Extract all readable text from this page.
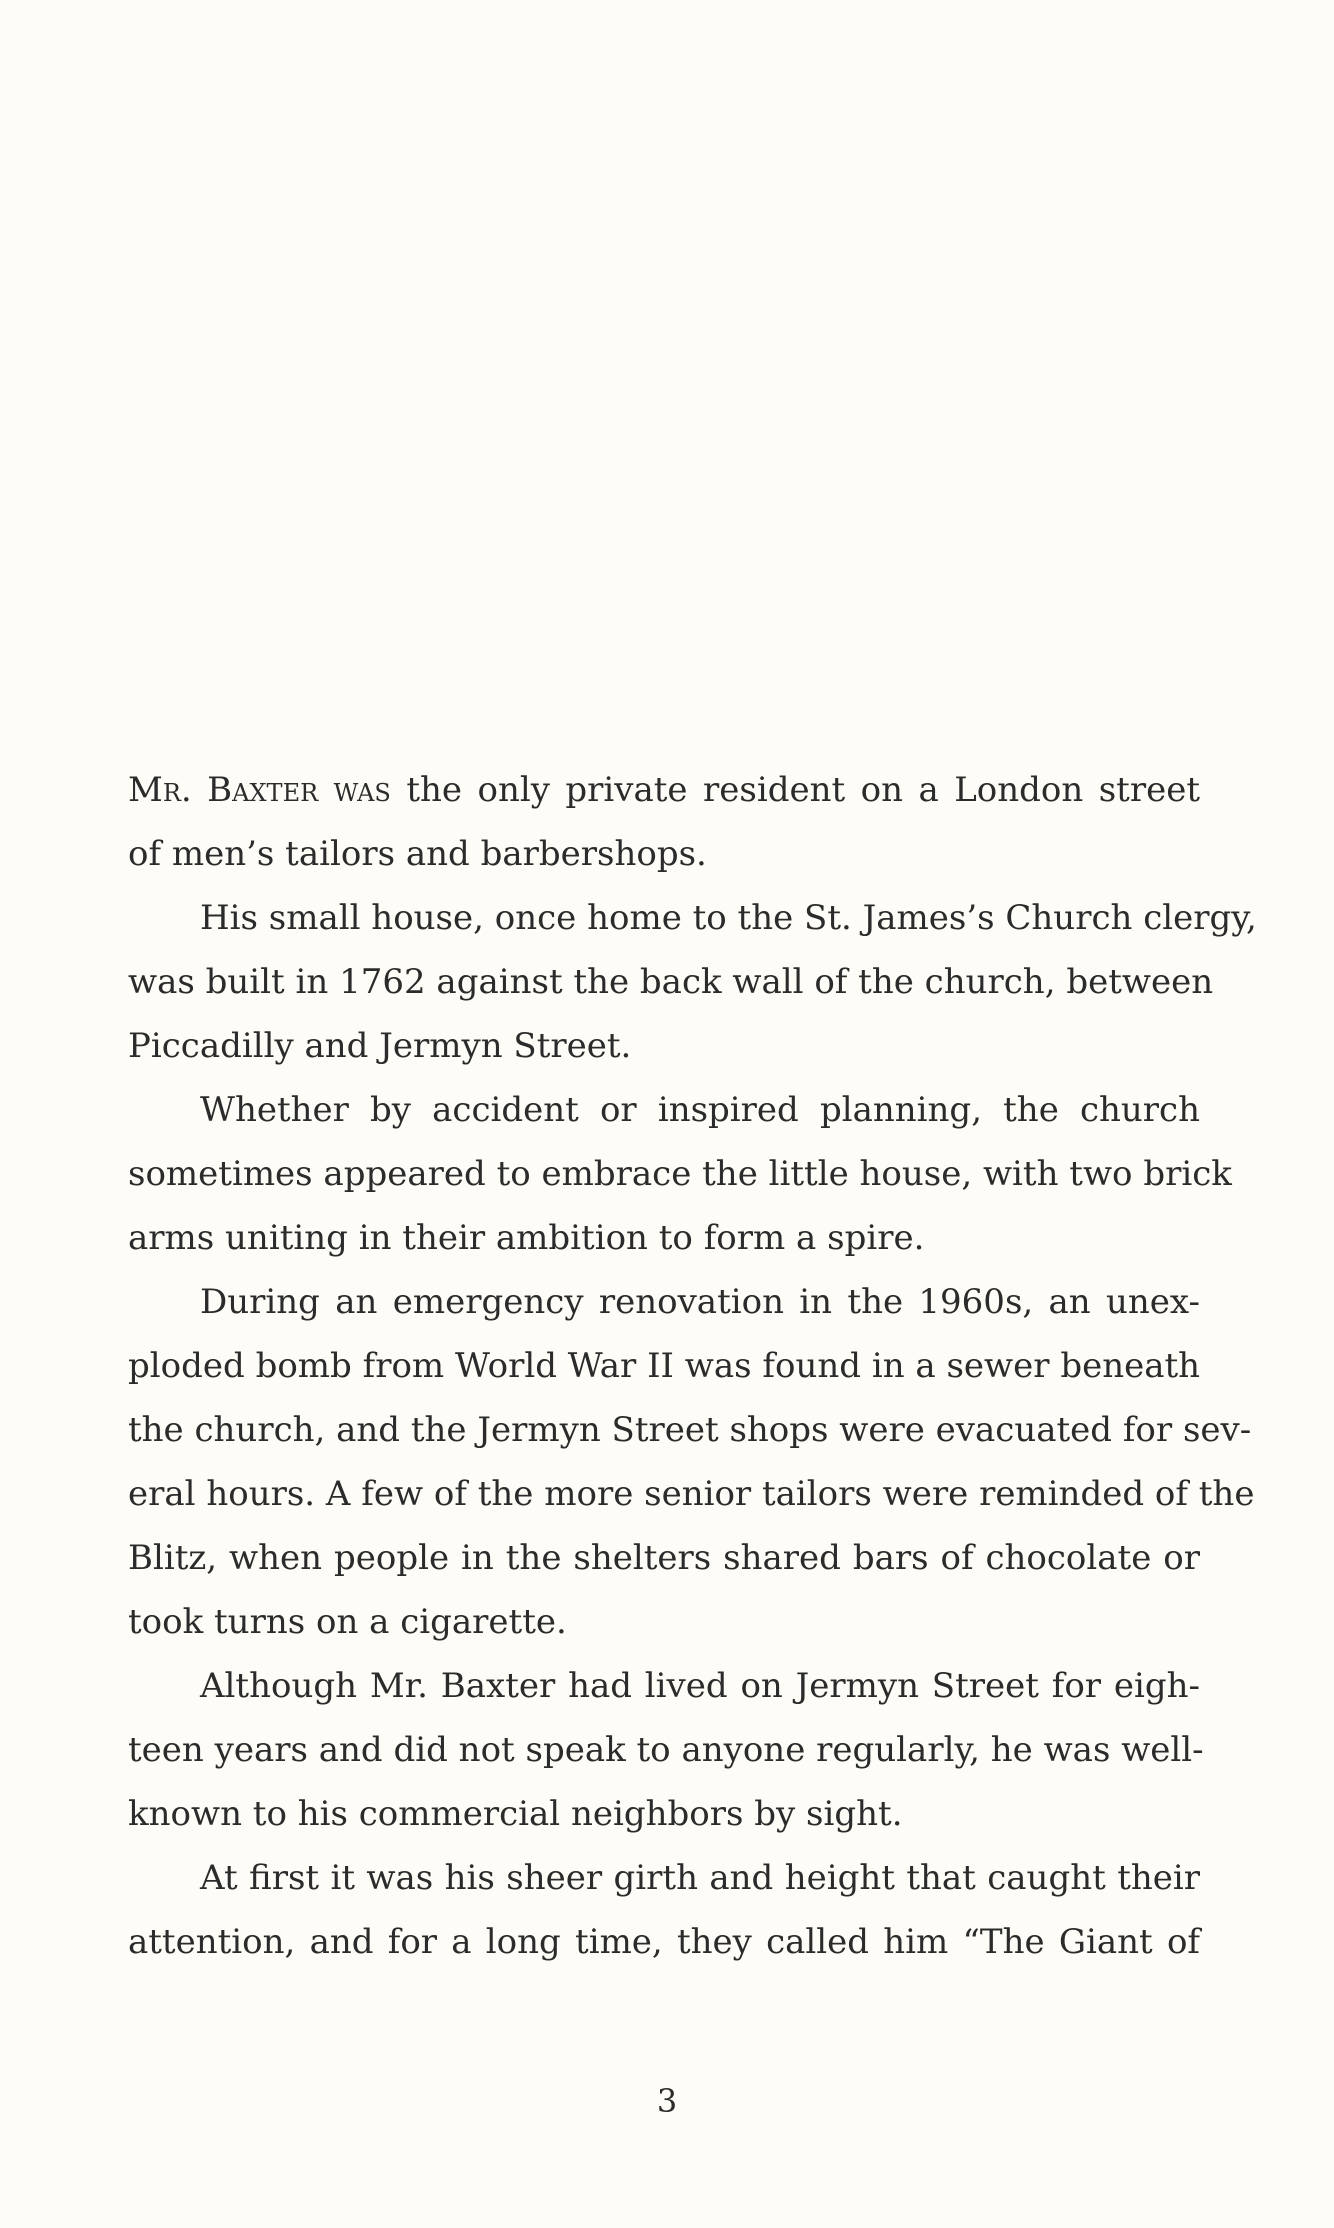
Mr. Baxter was the only private resident on a London street
of men’s tailors and barbershops.
His small house, once home to the St. James’s Church clergy,
was built in 1762 against the back wall of the church, between
Piccadilly and Jermyn Street.
Whether by accident or inspired planning, the church
sometimes appeared to embrace the little house, with two brick
arms uniting in their ambition to form a spire.
During an emergency renovation in the 1960s, an unex-
ploded bomb from World War II was found in a sewer beneath
the church, and the Jermyn Street shops were evacuated for sev-
eral hours. A few of the more senior tailors were reminded of the
Blitz, when people in the shelters shared bars of chocolate or
took turns on a cigarette.
Although Mr. Baxter had lived on Jermyn Street for eigh-
teen years and did not speak to anyone regularly, he was well-
known to his commercial neighbors by sight.
At first it was his sheer girth and height that caught their
attention, and for a long time, they called him “The Giant of
3
